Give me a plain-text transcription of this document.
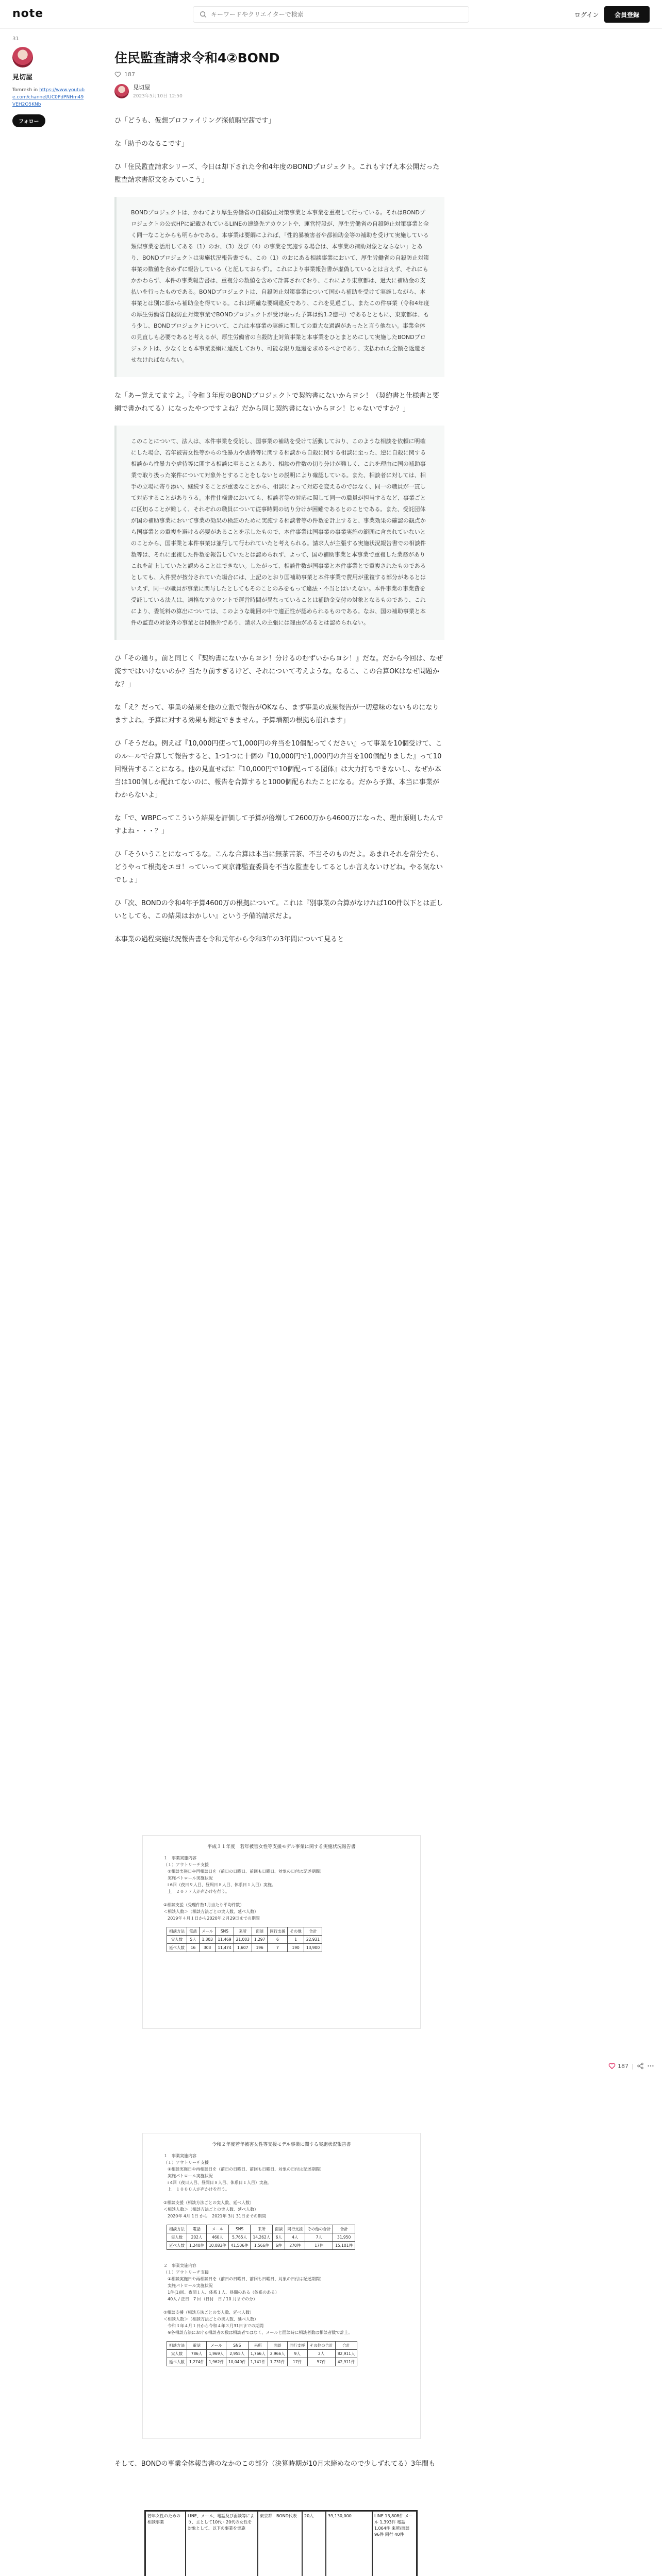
note
キーワードやクリエイターで検索	ログイン	会員登録
31
見切屋
Tomrekh in https://www.youtube.com/channel/UC0PdPNHm49VEH2O5KNb
フォロー
住民監査請求令和4②BOND
187
見切屋
2023年5月10日 12:50

ひ「どうも、仮想ブロファイリング探偵暇空茜です」

な「助手のなるこです」

ひ「住民監査請求シリーズ、今日は却下された令和4年度のBONDプロジェクト。これもすげえ本公開だった監査請求書原文をみていこう」

BONDプロジェクトは、かねてより厚生労働省の自殺防止対策事業と本事業を重複して行っている。それはBONDプロジェクトの公式HPに記載されているLINEの連絡先アカウントや、運営特設が、厚生労働省の自殺防止対策事業と全く同一なことからも明らかである。本事業は要綱によれば、「性的暴被害者や都補助金等の補助を受けて実施している類似事業を活用してある（1）のお、（3）及び（4）の事業を実施する場合は、本事業の補助対象とならない」とあり、BONDプロジェクトは実施状況報告書でも、この（1）のおにある相談事業において、厚生労働省の自殺防止対策事業の数値を含めずに報告している（と記しておらず）。これにより事業報告書が虚偽しているとは言えず、それにもかかわらず、本件の事業報告書は、重複分の数値を含めて計算されており、これにより東京都は、過大に補助金の支払いを行ったものである。BONDプロジェクトは、自殺防止対策事業について国から補助を受けて実施しながら、本事業とは別に都から補助金を得ている。これは明確な要綱違反であり、これを見過ごし、またこの件事業（令和4年度の厚生労働省自殺防止対策事業でBONDプロジェクトが受け取った予算は約1.2億円）であるとともに、東京都は、もう少し、BONDプロジェクトについて、これは本事業の実施に関しての重大な過誤があったと言う他ない。事業全体の見直しも必要であると考えるが、厚生労働省の自殺防止対策事業と本事業をひとまとめにして実施したBONDプロジェクトは、少なくとも本事業要綱に違反しており、可能な限り返還を求めるべきであり、支払われた全額を返還させなければならない。

な「あー覚えてますよ。『令和３年度のBONDプロジェクトで契約書にないからヨシ！（契約書と仕様書と要綱で書かれてる）になったやつですよね？だから同じ契約書にないからヨシ！じゃないですか？」

このことについて、法人は、本件事業を受託し、国事業の補助を受けて活動しており、このような相談を依頼に明確にした場合、若年被害女性等からの性暴力や虐待等に関する相談から自殺に関する相談に至った、逆に自殺に関する相談から性暴力や虐待等に関する相談に至ることもあり、相談の件数の切り分けが難しく、これを理由に国の補助事業で取り扱った案件について対象外とすることをしないとの説明により確認している。また、相談者に対しては、相手の立場に寄り添い、継続することが重要なことから、相談によって対応を変えるのではなく、同一の職員が一貫して対応することがありうる。本件仕様書においても、相談者等の対応に関して同一の職員が担当するなど、事業ごとに区切ることが難しく、それぞれの職員について従事時間の切り分けが困難であるとのことである。また、受託団体が国の補助事業において事業の効果の検証のために実施する相談者等の件数を計上すると、事業効果の確認の観点から国事業との重複を避ける必要があることを示したもので、本件事業は国事業の事業実施の範囲に含まれていないとのことから、国事業と本件事業は並行して行われていたと考えられる。請求人が主張する実施状況報告書での相談件数等は、それに重複した件数を報告していたとは認められず、よって、国の補助事業と本事業で重複した業務がありこれを計上していたと認めることはできない。したがって、相談件数が国事業と本件事業とで重複されたものであるとしても、入件費が按分されていた場合には、上記のとおり国補助事業と本件事業で費用が重複する部分があるとはいえず、同一の職員が事業に関与したとしてもそのことのみをもって違法・不当とはいえない。本件事業の事業費を受託している法人は、適格なアカウントで運営時間が異なっていることは補助金交付の対象となるものであり、これにより、委託料の算出については、このような範囲の中で適正性が認められるものである。なお、国の補助事業と本件の監査の対象外の事業とは関係外であり、請求人の主張には理由があるとは認められない。

ひ「その通り。前と同じく『契約書にないからヨシ！分けるのむずいからヨシ！』だな。だから今回は、なぜ流すではいけないのか？当たり前すぎるけど、それについて考えような。なるこ、この合算OKはなぜ問題かな？」

な「え？だって、事業の結果を他の立派で報告がOKなら、まず事業の成果報告が一切意味のないものになりますよね。予算に対する効果も測定できません。予算増額の根拠も崩れます」

ひ「そうだね。例えば『10,000円使って1,000円の弁当を10個配ってください』って事業を10個受けて、このルールで合算して報告すると、1つ1つに十個の『10,000円で1,000円の弁当を100個配りました』って10回報告することになる。他の見直せばに『10,000円で10個配ってる団体』は大力打ちできないし、なぜか本当は100個しか配れてないのに、報告を合算すると1000個配られたことになる。だから予算、本当に事業がわからないよ」

な「で、WBPCってこういう結果を評価して予算が倍増して2600万から4600万になった、理由原則したんですよね・・・？」

ひ「そういうことになってるな。こんな合算は本当に無茶苦茶、不当そのものだよ。あまれそれを常分たら、どうやって根拠をエヨ！っていって東京都監査委員を不当な監査をしてるとしか言えないけどね。やる気ないでしょ」

ひ「次、BONDの令和4年予算4600万の根拠について。これは『別事業の合算がなければ100件以下とは正しいとしても、この結果はおかしい』という予備的請求だよ。

本事業の過程実施状況報告書を令和元年から令和3年の3年間について見ると

平成３１年度　若年被害女性等支援モデル事業に関する実施状況報告書
１　事業実施内容
（１）アウトリーチ支援
　①相談実施日や再相談日を（前日の日曜日、前回も日曜日、対象の日付は記述期間）
　実施パトロール実施状況
　ⅰ 6回（夜日９人目、昼周日８人目、体系日１人目）実施。
　上　２０７７人が声かけを行う。

②相談支援（受理件数1月当たり平均件数）
＜相談人数＞（相談方法ごとの実人数、延べ人数）
　2019年４月１日から2020年２月29日までの期間
相談方法	電話	メール	SNS	来所	面談	同行支援	その他	合計
実人数	5人	1,303	11,469	21,003	1,297	6	1	22,931
延べ人数	16	303	11,474	1,607	196	7	190	13,900
令和２年度若年被害女性等支援モデル事業に関する実施状況報告書
１　事業実施内容
（１）アウトリーチ支援
　①相談実施日や再相談日を（前日の日曜日、前回も日曜日、対象の日付は記述期間）
　実施パトロール実施状況
　ⅰ 4回（夜日人目、昼間日８人目、体系日１人目）実施。
　上　１０００人が声かけを行う。

②相談支援（相談方法ごとの実人数、延べ人数）
＜相談人数＞（相談方法ごとの実人数、延べ人数）
　2020年 4月 1日 から　2021年 3月 31日までの期間
相談方法	電話	メール	SNS	来所	面談	同行支援	その他の合計	合計
実人数	202人	460人	5,765人	14,262人	6人	4人	7人	31,950
延べ人数	1,240件	10,083件	41,506件	1,566件	6件	270件	17件	15,101件
２　事業実施内容
（１）アウトリーチ支援
　①相談実施日や再相談日を（前日の日曜日、前回も日曜日、対象の日付は記述期間）
　実施パトロール実施状況
　1件(1)回、夜間１人、体系１人、昼間のある（体系のある）
　40人 / 正日　7 回（日付　日 / 10 月までの分）

②相談支援（相談方法ごとの実人数、延べ人数）
＜相談人数＞（相談方法ごとの実人数、延べ人数）
　令和３年４月１日から令和４年３月31日までの期間
　※各相談方法における相談者の数は相談者ではなく、メールと面談時に相談者数は相談者数で計上。
相談方法	電話	メール	SNS	来所	面談	同行支援	その他の合計	合計
実人数	786人	1,969人	2,955人	1,766人	2,966人	9人	2人	82,911人
延べ人数	1,274件	1,962件	10,040件	1,741件	1,731件	17件	57件	42,911件

そして、BONDの事業全体報告書のなかのこの部分（決算時期が10月末締めなので少しずれてる）3年間も

若年女性のための相談事業
LINE、メール、電話及び面談等により、主として10代・20代の女性を対象として、以下の事業を実施
東京都　BOND代表	20人	39,130,000	LINE 13,808件 メール 1,393件 電話 1,064件 来所/面談 96件 同行 40件

187 |
